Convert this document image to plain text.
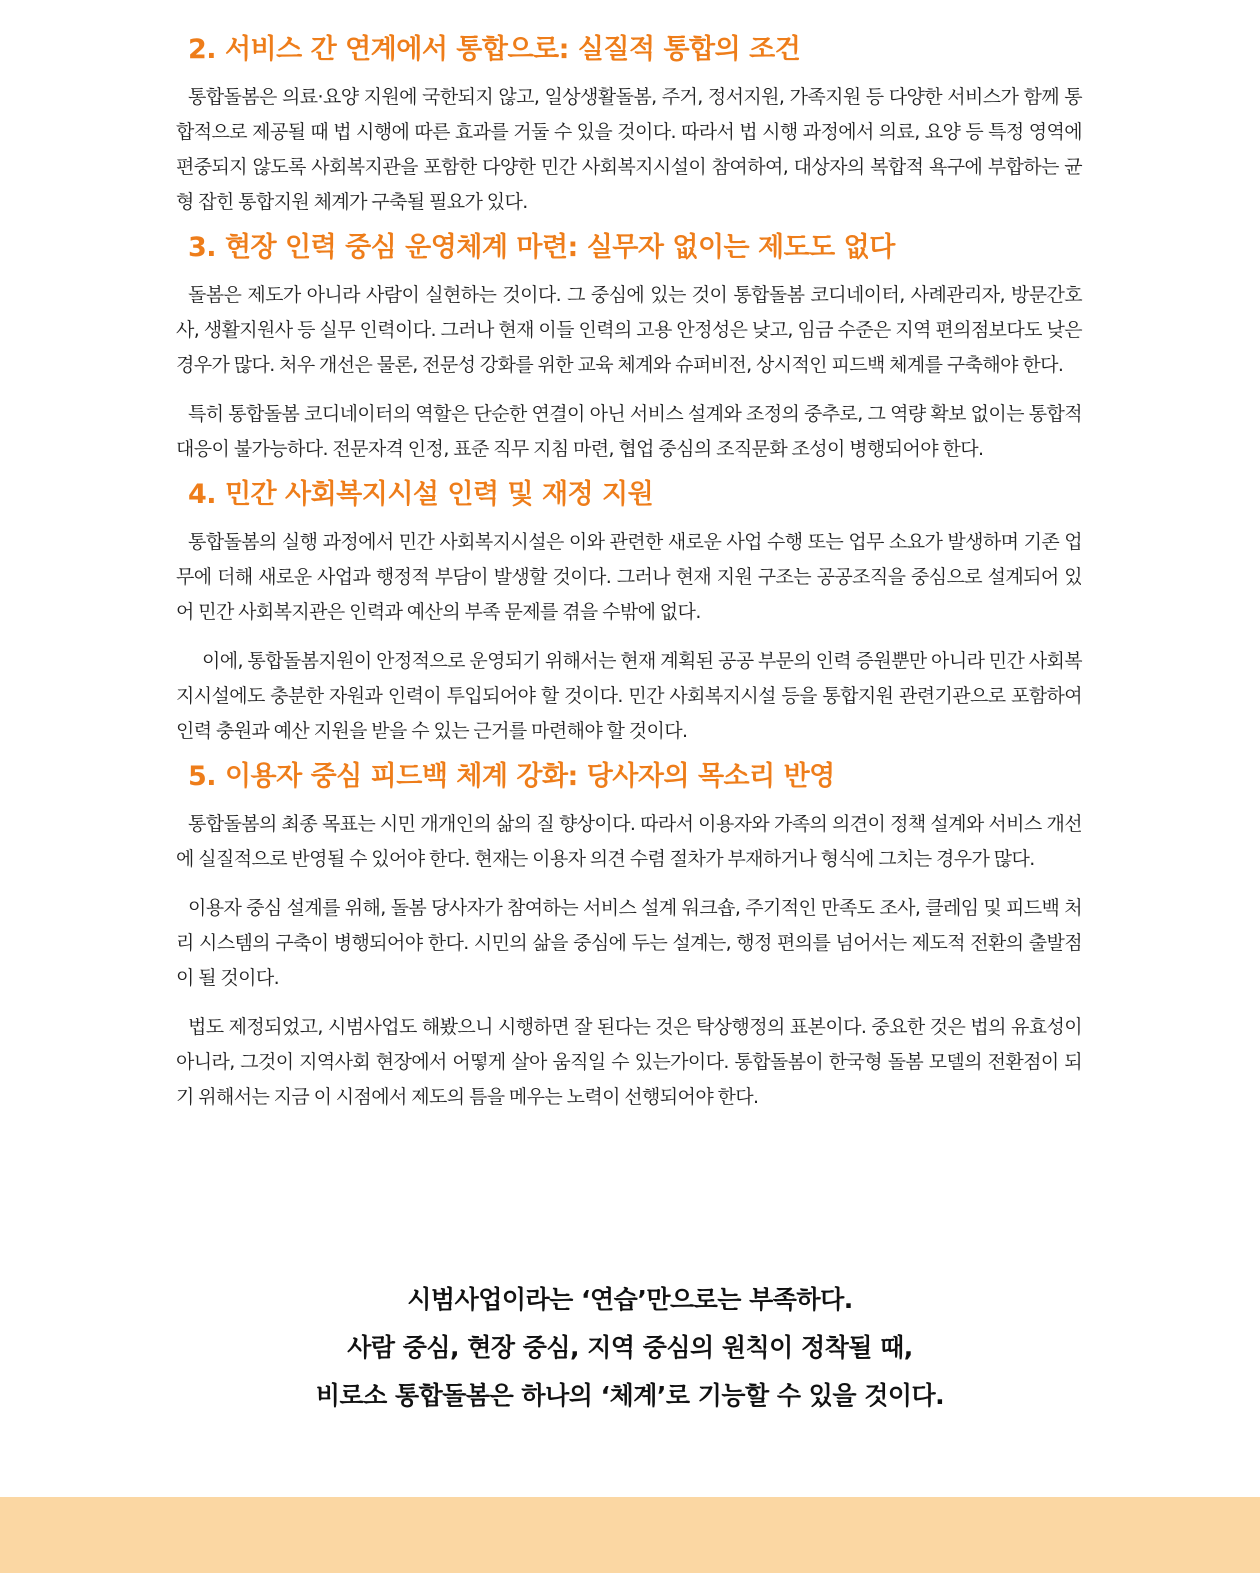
2. 서비스 간 연계에서 통합으로: 실질적 통합의 조건

통합돌봄은 의료·요양 지원에 국한되지 않고, 일상생활돌봄, 주거, 정서지원, 가족지원 등 다양한 서비스가 함께 통합적으로 제공될 때 법 시행에 따른 효과를 거둘 수 있을 것이다. 따라서 법 시행 과정에서 의료, 요양 등 특정 영역에 편중되지 않도록 사회복지관을 포함한 다양한 민간 사회복지시설이 참여하여, 대상자의 복합적 욕구에 부합하는 균형 잡힌 통합지원 체계가 구축될 필요가 있다.

3. 현장 인력 중심 운영체계 마련: 실무자 없이는 제도도 없다

돌봄은 제도가 아니라 사람이 실현하는 것이다. 그 중심에 있는 것이 통합돌봄 코디네이터, 사례관리자, 방문간호사, 생활지원사 등 실무 인력이다. 그러나 현재 이들 인력의 고용 안정성은 낮고, 임금 수준은 지역 편의점보다도 낮은 경우가 많다. 처우 개선은 물론, 전문성 강화를 위한 교육 체계와 슈퍼비전, 상시적인 피드백 체계를 구축해야 한다.

특히 통합돌봄 코디네이터의 역할은 단순한 연결이 아닌 서비스 설계와 조정의 중추로, 그 역량 확보 없이는 통합적 대응이 불가능하다. 전문자격 인정, 표준 직무 지침 마련, 협업 중심의 조직문화 조성이 병행되어야 한다.

4. 민간 사회복지시설 인력 및 재정 지원

통합돌봄의 실행 과정에서 민간 사회복지시설은 이와 관련한 새로운 사업 수행 또는 업무 소요가 발생하며 기존 업무에 더해 새로운 사업과 행정적 부담이 발생할 것이다. 그러나 현재 지원 구조는 공공조직을 중심으로 설계되어 있어 민간 사회복지관은 인력과 예산의 부족 문제를 겪을 수밖에 없다.

이에, 통합돌봄지원이 안정적으로 운영되기 위해서는 현재 계획된 공공 부문의 인력 증원뿐만 아니라 민간 사회복지시설에도 충분한 자원과 인력이 투입되어야 할 것이다. 민간 사회복지시설 등을 통합지원 관련기관으로 포함하여 인력 충원과 예산 지원을 받을 수 있는 근거를 마련해야 할 것이다.

5. 이용자 중심 피드백 체계 강화: 당사자의 목소리 반영

통합돌봄의 최종 목표는 시민 개개인의 삶의 질 향상이다. 따라서 이용자와 가족의 의견이 정책 설계와 서비스 개선에 실질적으로 반영될 수 있어야 한다. 현재는 이용자 의견 수렴 절차가 부재하거나 형식에 그치는 경우가 많다.

이용자 중심 설계를 위해, 돌봄 당사자가 참여하는 서비스 설계 워크숍, 주기적인 만족도 조사, 클레임 및 피드백 처리 시스템의 구축이 병행되어야 한다. 시민의 삶을 중심에 두는 설계는, 행정 편의를 넘어서는 제도적 전환의 출발점이 될 것이다.

법도 제정되었고, 시범사업도 해봤으니 시행하면 잘 된다는 것은 탁상행정의 표본이다. 중요한 것은 법의 유효성이 아니라, 그것이 지역사회 현장에서 어떻게 살아 움직일 수 있는가이다. 통합돌봄이 한국형 돌봄 모델의 전환점이 되기 위해서는 지금 이 시점에서 제도의 틈을 메우는 노력이 선행되어야 한다.

시범사업이라는 ‘연습’만으로는 부족하다.

사람 중심, 현장 중심, 지역 중심의 원칙이 정착될 때,

비로소 통합돌봄은 하나의 ‘체계’로 기능할 수 있을 것이다.
